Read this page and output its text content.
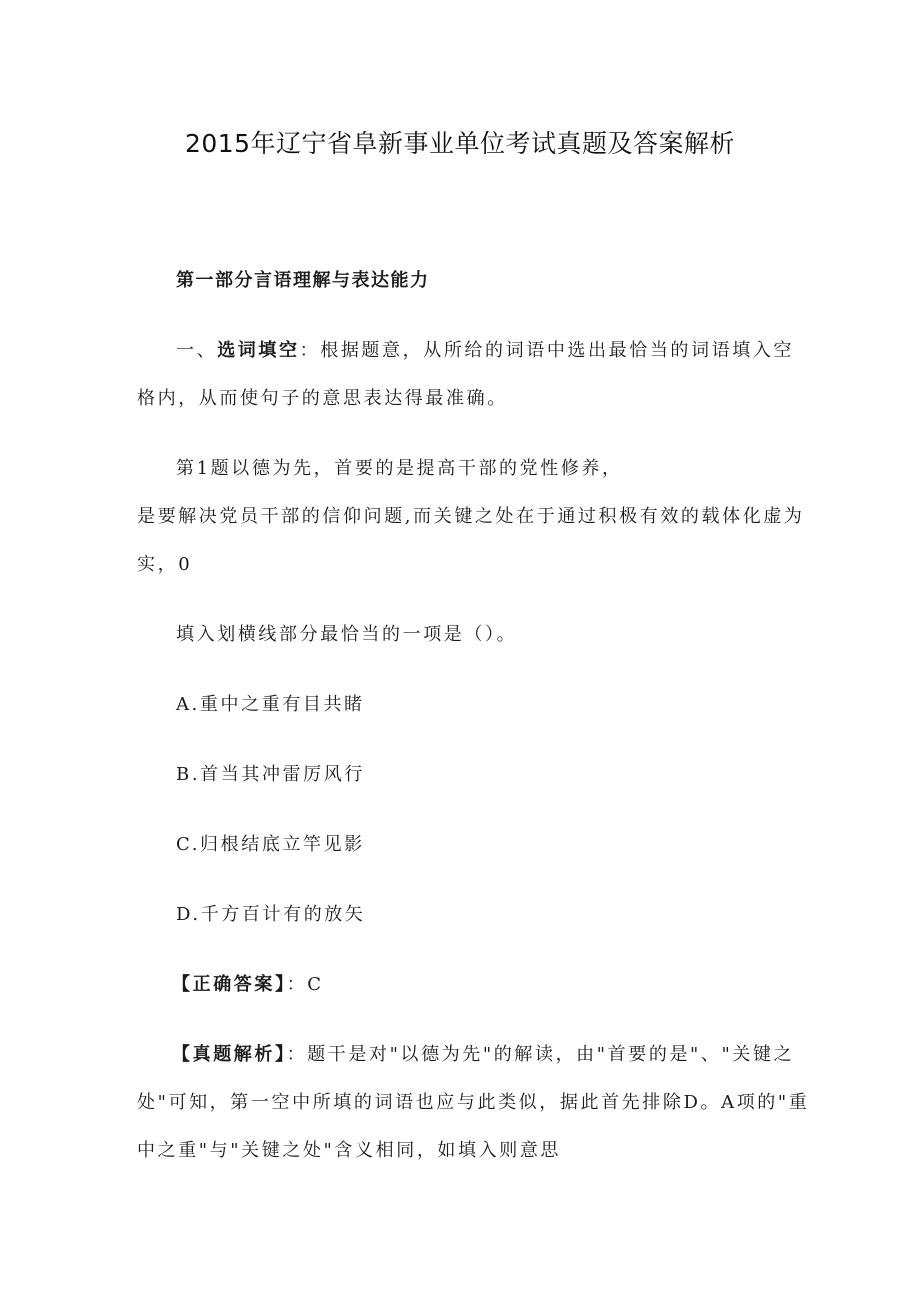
2015年辽宁省阜新事业单位考试真题及答案解析
第一部分言语理解与表达能力
一、选词填空：根据题意，从所给的词语中选出最恰当的词语填入空
格内，从而使句子的意思表达得最准确。
第1题以德为先，首要的是提高干部的党性修养，
是要解决党员干部的信仰问题,而关键之处在于通过积极有效的载体化虚为
实，0
填入划横线部分最恰当的一项是（）。
A.重中之重有目共睹
B.首当其冲雷厉风行
C.归根结底立竿见影
D.千方百计有的放矢
【正确答案】：C
【真题解析】：题干是对"以德为先"的解读，由"首要的是"、"关键之
处"可知，第一空中所填的词语也应与此类似，据此首先排除D。A项的"重
中之重"与"关键之处"含义相同，如填入则意思
